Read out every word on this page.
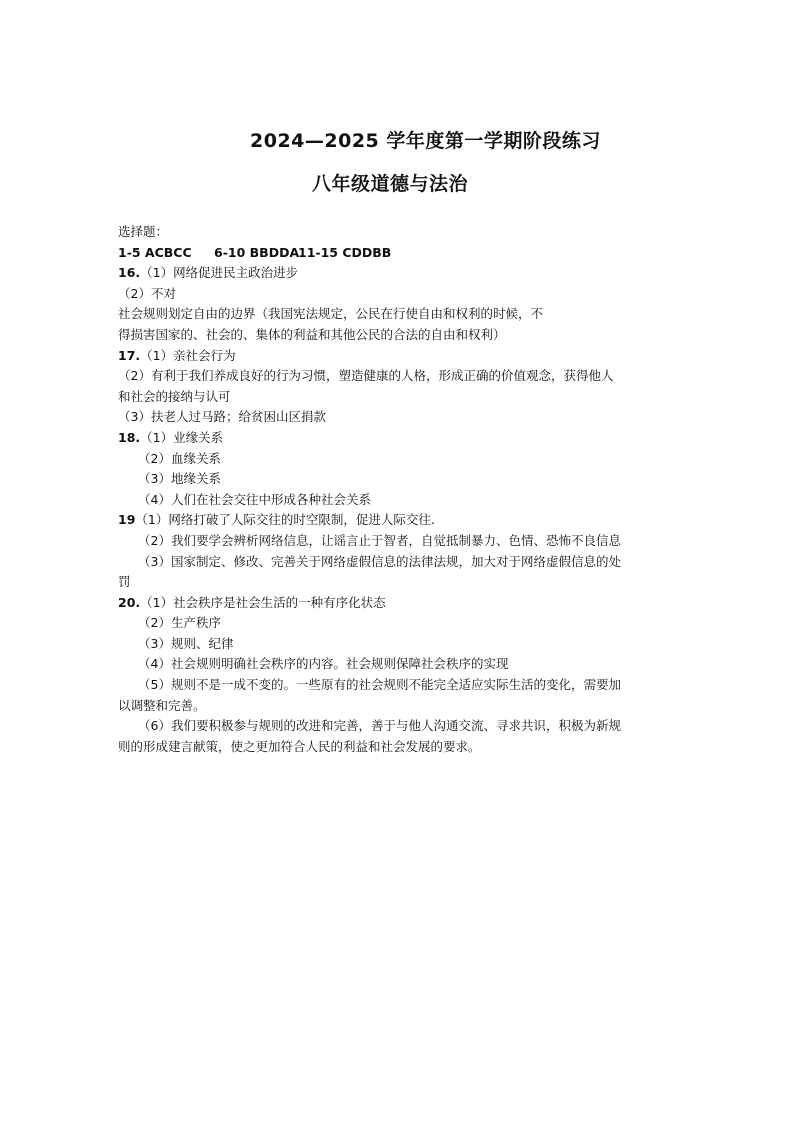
2024—2025 学年度第一学期阶段练习
八年级道德与法治
选择题：
1-5 ACBCC 6-10 BBDDA11-15 CDDBB
16.（1）网络促进民主政治进步
（2）不对
社会规则划定自由的边界（我国宪法规定，公民在行使自由和权利的时候，不
得损害国家的、社会的、集体的利益和其他公民的合法的自由和权利）
17.（1）亲社会行为
（2）有利于我们养成良好的行为习惯，塑造健康的人格，形成正确的价值观念，获得他人
和社会的接纳与认可
（3）扶老人过马路；给贫困山区捐款
18.（1）业缘关系
（2）血缘关系
（3）地缘关系
（4）人们在社会交往中形成各种社会关系
19（1）网络打破了人际交往的时空限制，促进人际交往.
（2）我们要学会辨析网络信息，让谣言止于智者，自觉抵制暴力、色情、恐怖不良信息
（3）国家制定、修改、完善关于网络虚假信息的法律法规，加大对于网络虚假信息的处
罚
20.（1）社会秩序是社会生活的一种有序化状态
（2）生产秩序
（3）规则、纪律
（4）社会规则明确社会秩序的内容。社会规则保障社会秩序的实现
（5）规则不是一成不变的。一些原有的社会规则不能完全适应实际生活的变化，需要加
以调整和完善。
（6）我们要积极参与规则的改进和完善，善于与他人沟通交流、寻求共识，积极为新规
则的形成建言献策，使之更加符合人民的利益和社会发展的要求。
